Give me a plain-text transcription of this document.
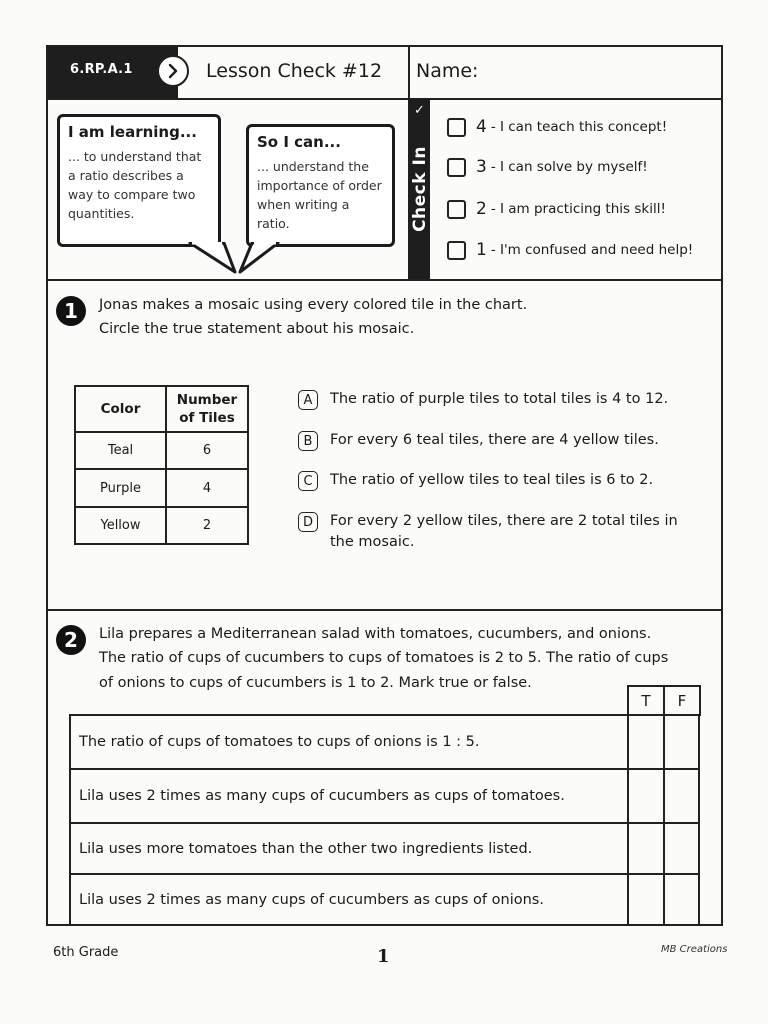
6.RP.A.1	Lesson Check #12 Name:
I am learning...

... to understand that a ratio describes a way to compare two quantities.

So I can...

... understand the importance of order when writing a ratio.

✓
Check In
4 - I can teach this concept!
3 - I can solve by myself!
2 - I am practicing this skill!
1 - I'm confused and need help!
1	Jonas makes a mosaic using every colored tile in the chart.
Circle the true statement about his mosaic.
Color	Number of Tiles
Teal	6
Purple	4
Yellow	2
A	The ratio of purple tiles to total tiles is 4 to 12.
B	For every 6 teal tiles, there are 4 yellow tiles.
C	The ratio of yellow tiles to teal tiles is 6 to 2.
D	For every 2 yellow tiles, there are 2 total tiles in the mosaic.
2	Lila prepares a Mediterranean salad with tomatoes, cucumbers, and onions.
The ratio of cups of cucumbers to cups of tomatoes is 2 to 5. The ratio of cups
of onions to cups of cucumbers is 1 to 2. Mark true or false.
T	F
The ratio of cups of tomatoes to cups of onions is 1 : 5.
Lila uses 2 times as many cups of cucumbers as cups of tomatoes.
Lila uses more tomatoes than the other two ingredients listed.
Lila uses 2 times as many cups of cucumbers as cups of onions.
6th Grade	1	MB Creations
